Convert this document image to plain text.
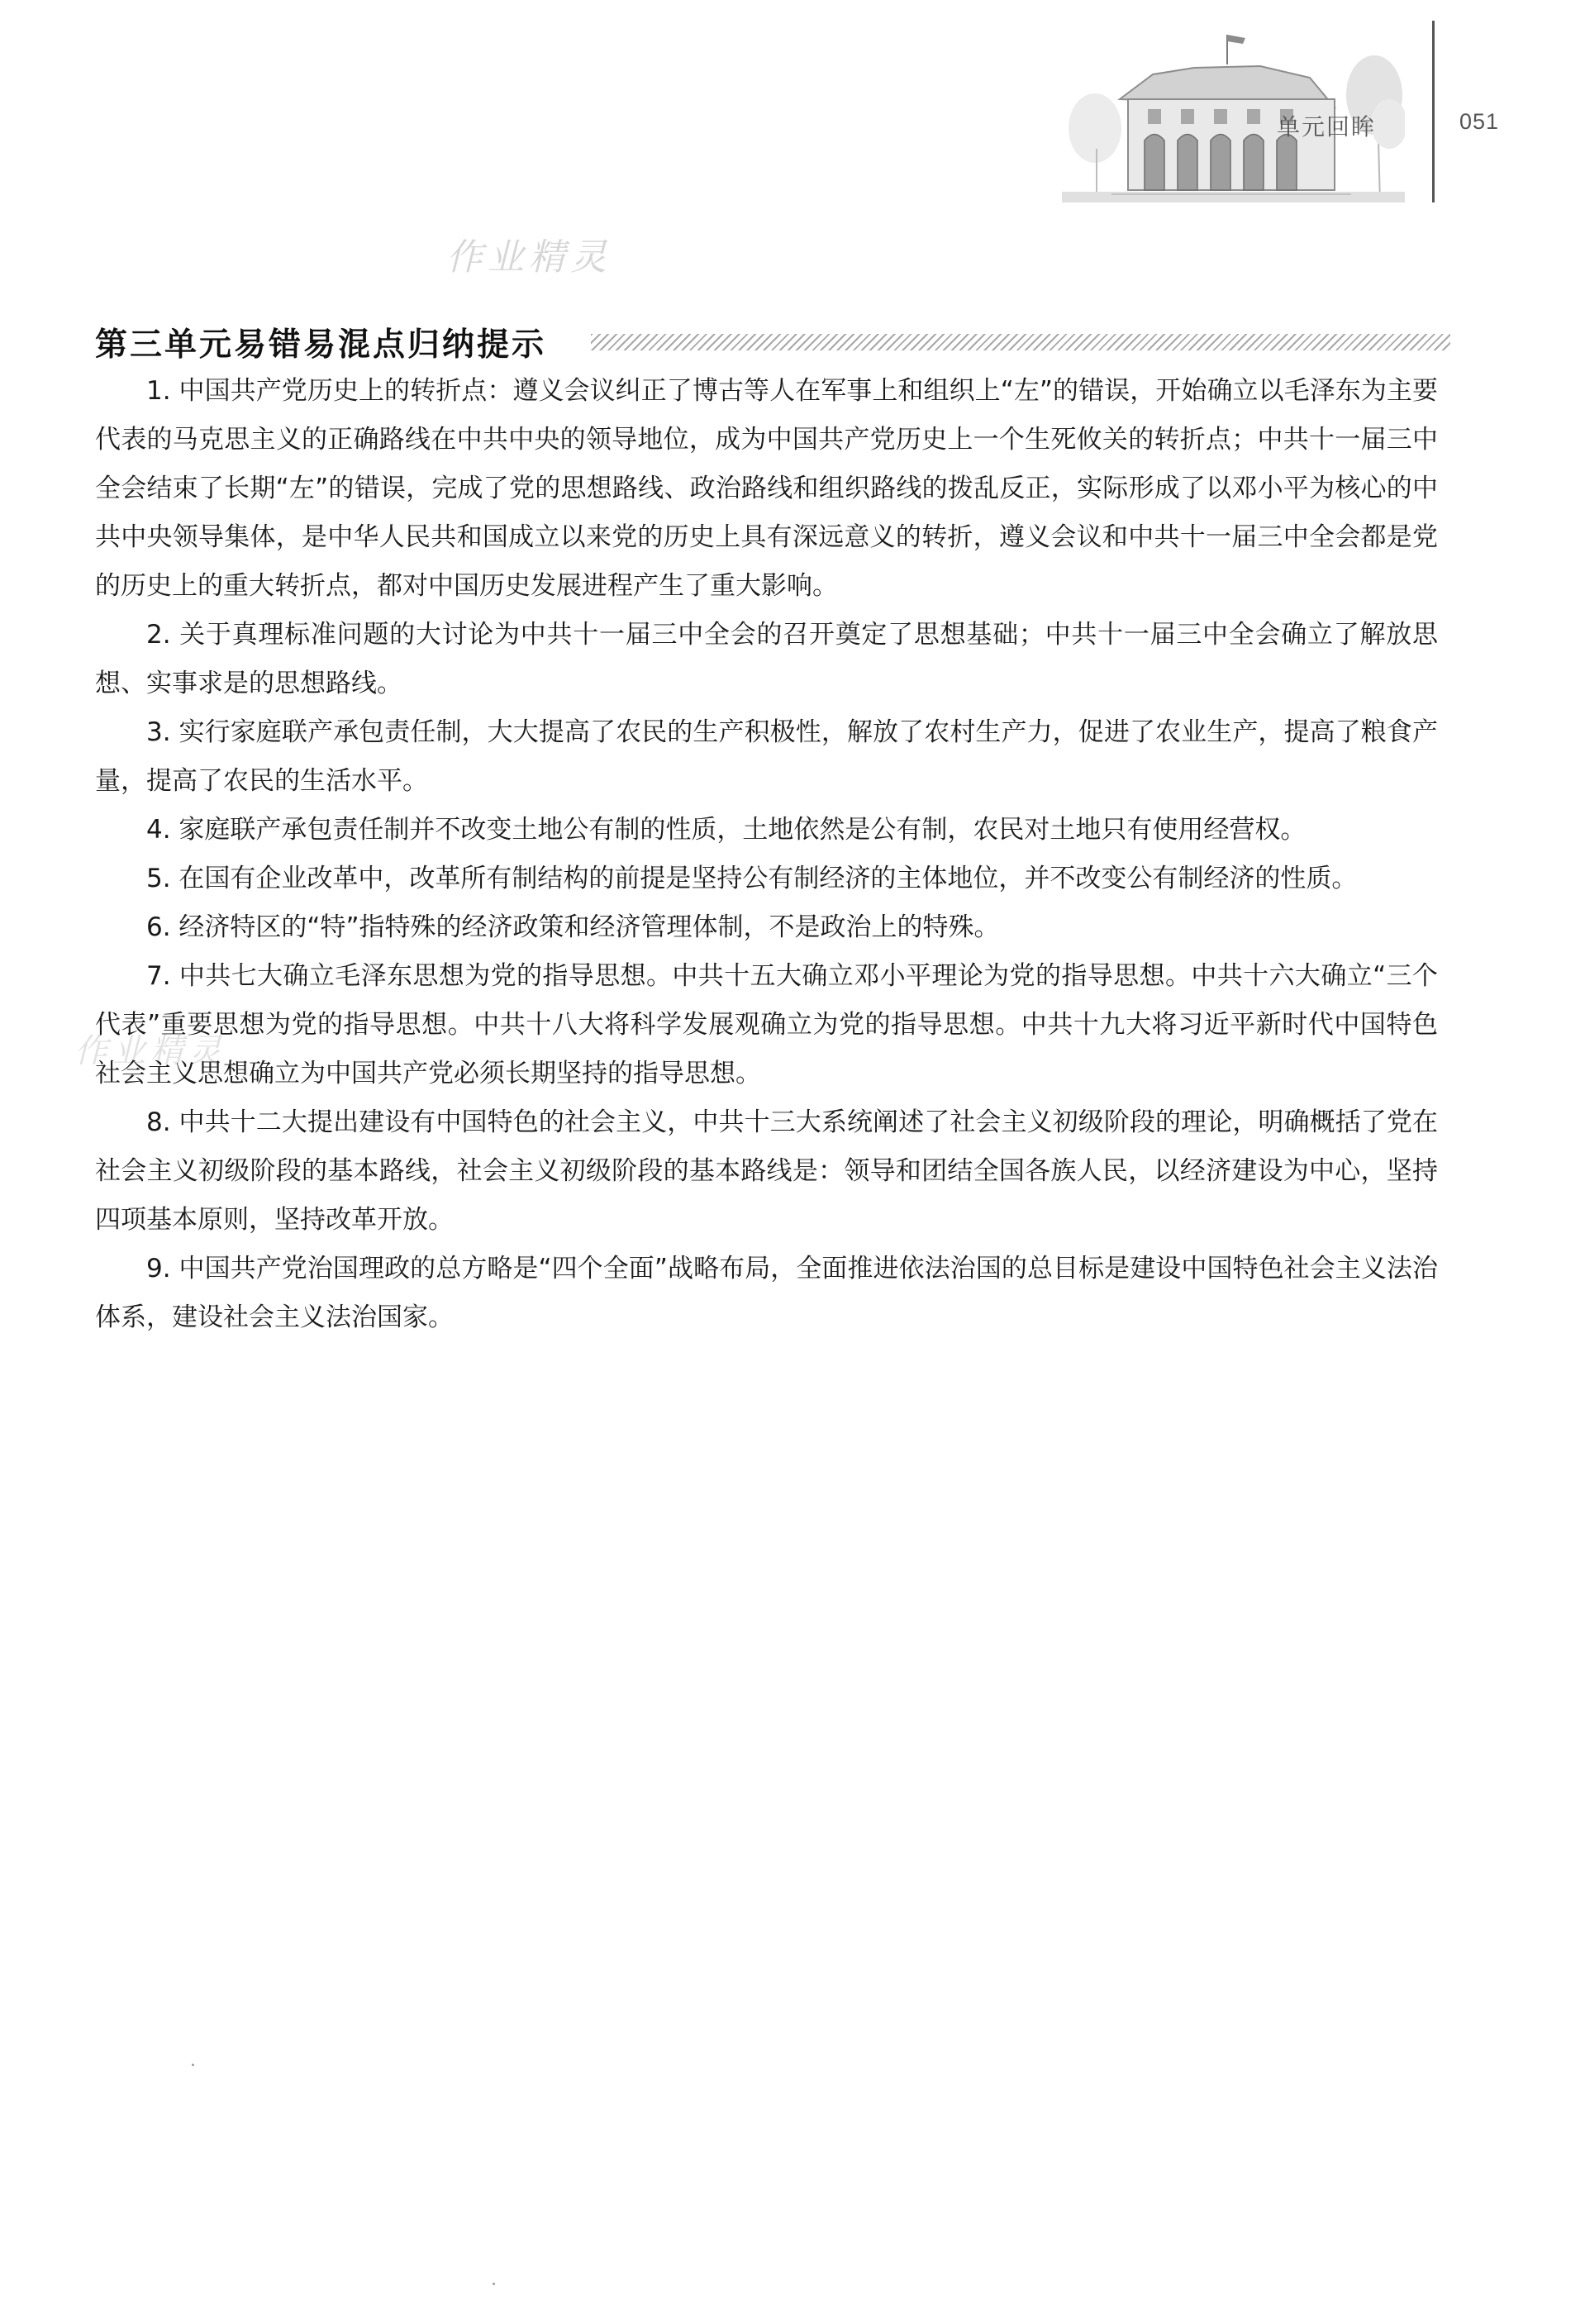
单元回眸	051
作业精灵
作业精灵
第三单元易错易混点归纳提示

1. 中国共产党历史上的转折点：遵义会议纠正了博古等人在军事上和组织上“左”的错误，开始确立以毛泽东为主要代表的马克思主义的正确路线在中共中央的领导地位，成为中国共产党历史上一个生死攸关的转折点；中共十一届三中全会结束了长期“左”的错误，完成了党的思想路线、政治路线和组织路线的拨乱反正，实际形成了以邓小平为核心的中共中央领导集体，是中华人民共和国成立以来党的历史上具有深远意义的转折，遵义会议和中共十一届三中全会都是党的历史上的重大转折点，都对中国历史发展进程产生了重大影响。

2. 关于真理标准问题的大讨论为中共十一届三中全会的召开奠定了思想基础；中共十一届三中全会确立了解放思想、实事求是的思想路线。

3. 实行家庭联产承包责任制，大大提高了农民的生产积极性，解放了农村生产力，促进了农业生产，提高了粮食产量，提高了农民的生活水平。

4. 家庭联产承包责任制并不改变土地公有制的性质，土地依然是公有制，农民对土地只有使用经营权。

5. 在国有企业改革中，改革所有制结构的前提是坚持公有制经济的主体地位，并不改变公有制经济的性质。

6. 经济特区的“特”指特殊的经济政策和经济管理体制，不是政治上的特殊。

7. 中共七大确立毛泽东思想为党的指导思想。中共十五大确立邓小平理论为党的指导思想。中共十六大确立“三个代表”重要思想为党的指导思想。中共十八大将科学发展观确立为党的指导思想。中共十九大将习近平新时代中国特色社会主义思想确立为中国共产党必须长期坚持的指导思想。

8. 中共十二大提出建设有中国特色的社会主义，中共十三大系统阐述了社会主义初级阶段的理论，明确概括了党在社会主义初级阶段的基本路线，社会主义初级阶段的基本路线是：领导和团结全国各族人民，以经济建设为中心，坚持四项基本原则，坚持改革开放。

9. 中国共产党治国理政的总方略是“四个全面”战略布局，全面推进依法治国的总目标是建设中国特色社会主义法治体系，建设社会主义法治国家。
